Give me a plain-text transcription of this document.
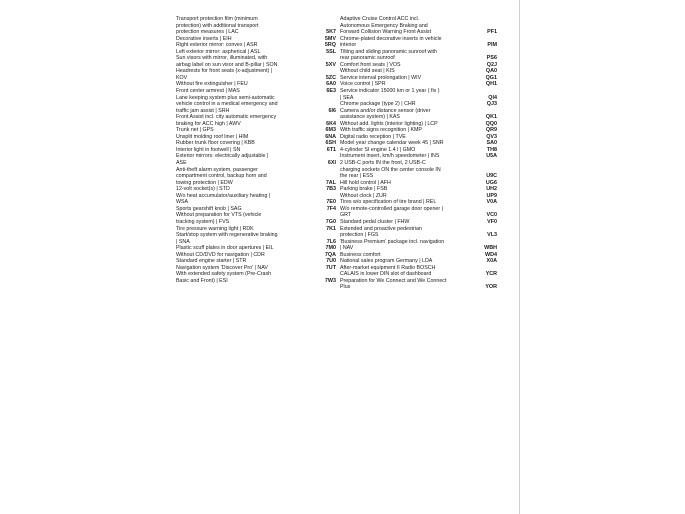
Transport protection film (minimum
protection) with additional transport
protection measures | LAC	5K7
Decorative inserts | EIH	5MV
Right exterior mirror: convex | ASR	5RQ
Left exterior mirror: aspherical | ASL	5SL
Sun visors with mirror, illuminated, with
airbag label on sun visor and B-pillar | SON	5XV
Headrests for front seats (x-adjustment) |
KOV	5ZC
Without fire extinguisher | FEU	6A0
Front center armrest | MAS	6E3
Lane keeping system plus semi-automatic
vehicle control in a medical emergency and
traffic jam assist | SRH	6I6
Front Assist incl. city automatic emergency
braking for ACC high | AWV	6K4
Trunk net | GPS	6M3
Unsplit molding roof liner | HIM	6NA
Rubber trunk floor covering | KBB	6SH
Interior light in footwell | SN	6T1
Exterior mirrors: electrically adjustable |
ASE	6XI
Anti-theft alarm system, passenger
compartment control, backup horn and
towing protection | EDW	7AL
12-volt socket(s) | STD	7B3
W/o heat accumulator/auxiliary heating |
WSA	7E0
Sports gearshift knob | SAG	7F4
Without preparation for VTS (vehicle
tracking system) | FVS	7G0
Tire pressure warning light | RDK	7K1
Start/stop system with regenerative braking
| SNA	7L6
Plastic scuff plates in door apertures | EIL	7M0
Without CD/DVD for navigation | CDR	7QA
Standard engine starter | STR	7U0
Navigation system 'Discover Pro' | NAV	7UT
With extended safety system (Pre-Crash
Basic and Front) | ESI	7W3
Adaptive Cruise Control ACC incl.
Autonomous Emergency Braking and
Forward Collision Warning Front Assist	PF1
Chrome-plated decorative inserts in vehicle
interior	PIM
Tilting and sliding panoramic sunroof with
rear panoramic sunroof	PS6
Comfort front seats | VOS	Q2J
Without child seat | KIS	QA0
Service interval prolongation | WIV	QG1
Voice control | SPR	QH1
Service indicator 15000 km or 1 year ( fix )
| SEA	QI4
Chrome package (type 2) | CHR	QJ3
Camera and/or distance sensor (driver
assistance system) | KAS	QK1
Without add. lights (interior lighting) | LCP	QQ0
With traffic signs recognition | KMP	QR9
Digital radio reception | TVE	QV3
Model year change calendar week 45 | SNR	SA0
4-cylinder SI engine 1.4 l | GMO	TH8
Instrument insert, km/h speedometer | INS	U5A
2 USB-C ports IN the front, 2 USB-C
charging sockets ON the center console IN
the rear | ESS	U9C
Hill hold control | AFH	UG6
Parking brake | FSB	UH2
Without clock | ZUR	UP9
Tires w/o specification of tire brand | REL	V0A
W/o remote-controlled garage door opener |
GRT	VC0
Standard pedal cluster | FHW	VF0
Extended and proactive pedestrian
protection | FGS	VL3
'Business Premium' package incl. navigation
| NAV	WBH
Business comfort	WD4
National sales program Germany | LDA	X0A
After-market equipment II Radio BOSCH
CALAIS in lower DIN slot of dashboard	YCR
Preparation for We Connect and We Connect
Plus	YOR
